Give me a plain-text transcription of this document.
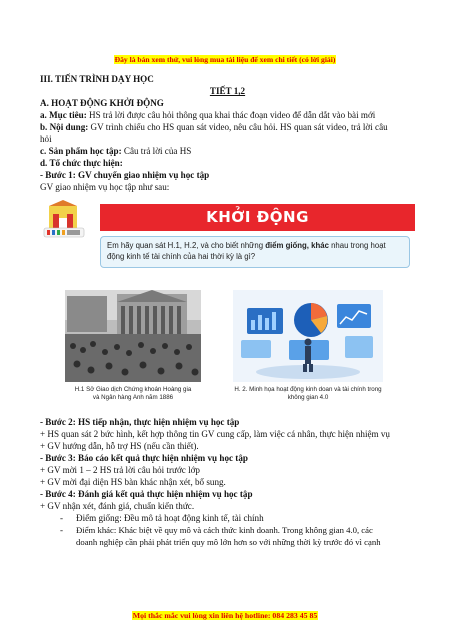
Đây là bản xem thử, vui lòng mua tài liệu để xem chi tiết (có lời giải)
III. TIẾN TRÌNH DẠY HỌC
TIẾT 1,2
A. HOẠT ĐỘNG KHỞI ĐỘNG
a. Mục tiêu: HS trả lời được câu hỏi thông qua khai thác đoạn video để dẫn dắt vào bài mới
b. Nội dung: GV trình chiếu cho HS quan sát video, nêu câu hỏi. HS quan sát video, trả lời câu
hỏi
c. Sản phẩm học tập: Câu trả lời của HS
d. Tổ chức thực hiện:
- Bước 1: GV chuyển giao nhiệm vụ học tập
GV giao nhiệm vụ học tập như sau:
KHỞI ĐỘNG
Em hãy quan sát H.1, H.2, và cho biết những điểm giống, khác nhau trong hoạt động kinh tế tài chính của hai thời kỳ là gì?
H.1 Sở Giao dịch Chứng khoán Hoàng gia
và Ngân hàng Anh năm 1886
H. 2. Minh họa hoạt động kinh doan và tài chính trong
không gian 4.0
- Bước 2: HS tiếp nhận, thực hiện nhiệm vụ học tập
+ HS quan sát 2 bức hình, kết hợp thông tin GV cung cấp, làm việc cá nhân, thực hiện nhiệm vụ
+ GV hướng dẫn, hỗ trợ HS (nếu cần thiết).
- Bước 3: Báo cáo kết quả thực hiện nhiệm vụ học tập
+ GV mời 1 – 2 HS trả lời câu hỏi trước lớp
+ GV mời đại diện HS bàn khác nhận xét, bổ sung.
- Bước 4: Đánh giá kết quả thực hiện nhiệm vụ học tập
+ GV nhận xét, đánh giá, chuẩn kiến thức.
- Điểm giống: Đều mô tả hoạt động kinh tế, tài chính
- Điểm khác: Khác biệt về quy mô và cách thức kinh doanh. Trong không gian 4.0, các
doanh nghiệp cần phải phát triển quy mô lớn hơn so với những thời kỳ trước đó vì cạnh
Mọi thắc mắc vui lòng xin liên hệ hotline: 084 283 45 85
